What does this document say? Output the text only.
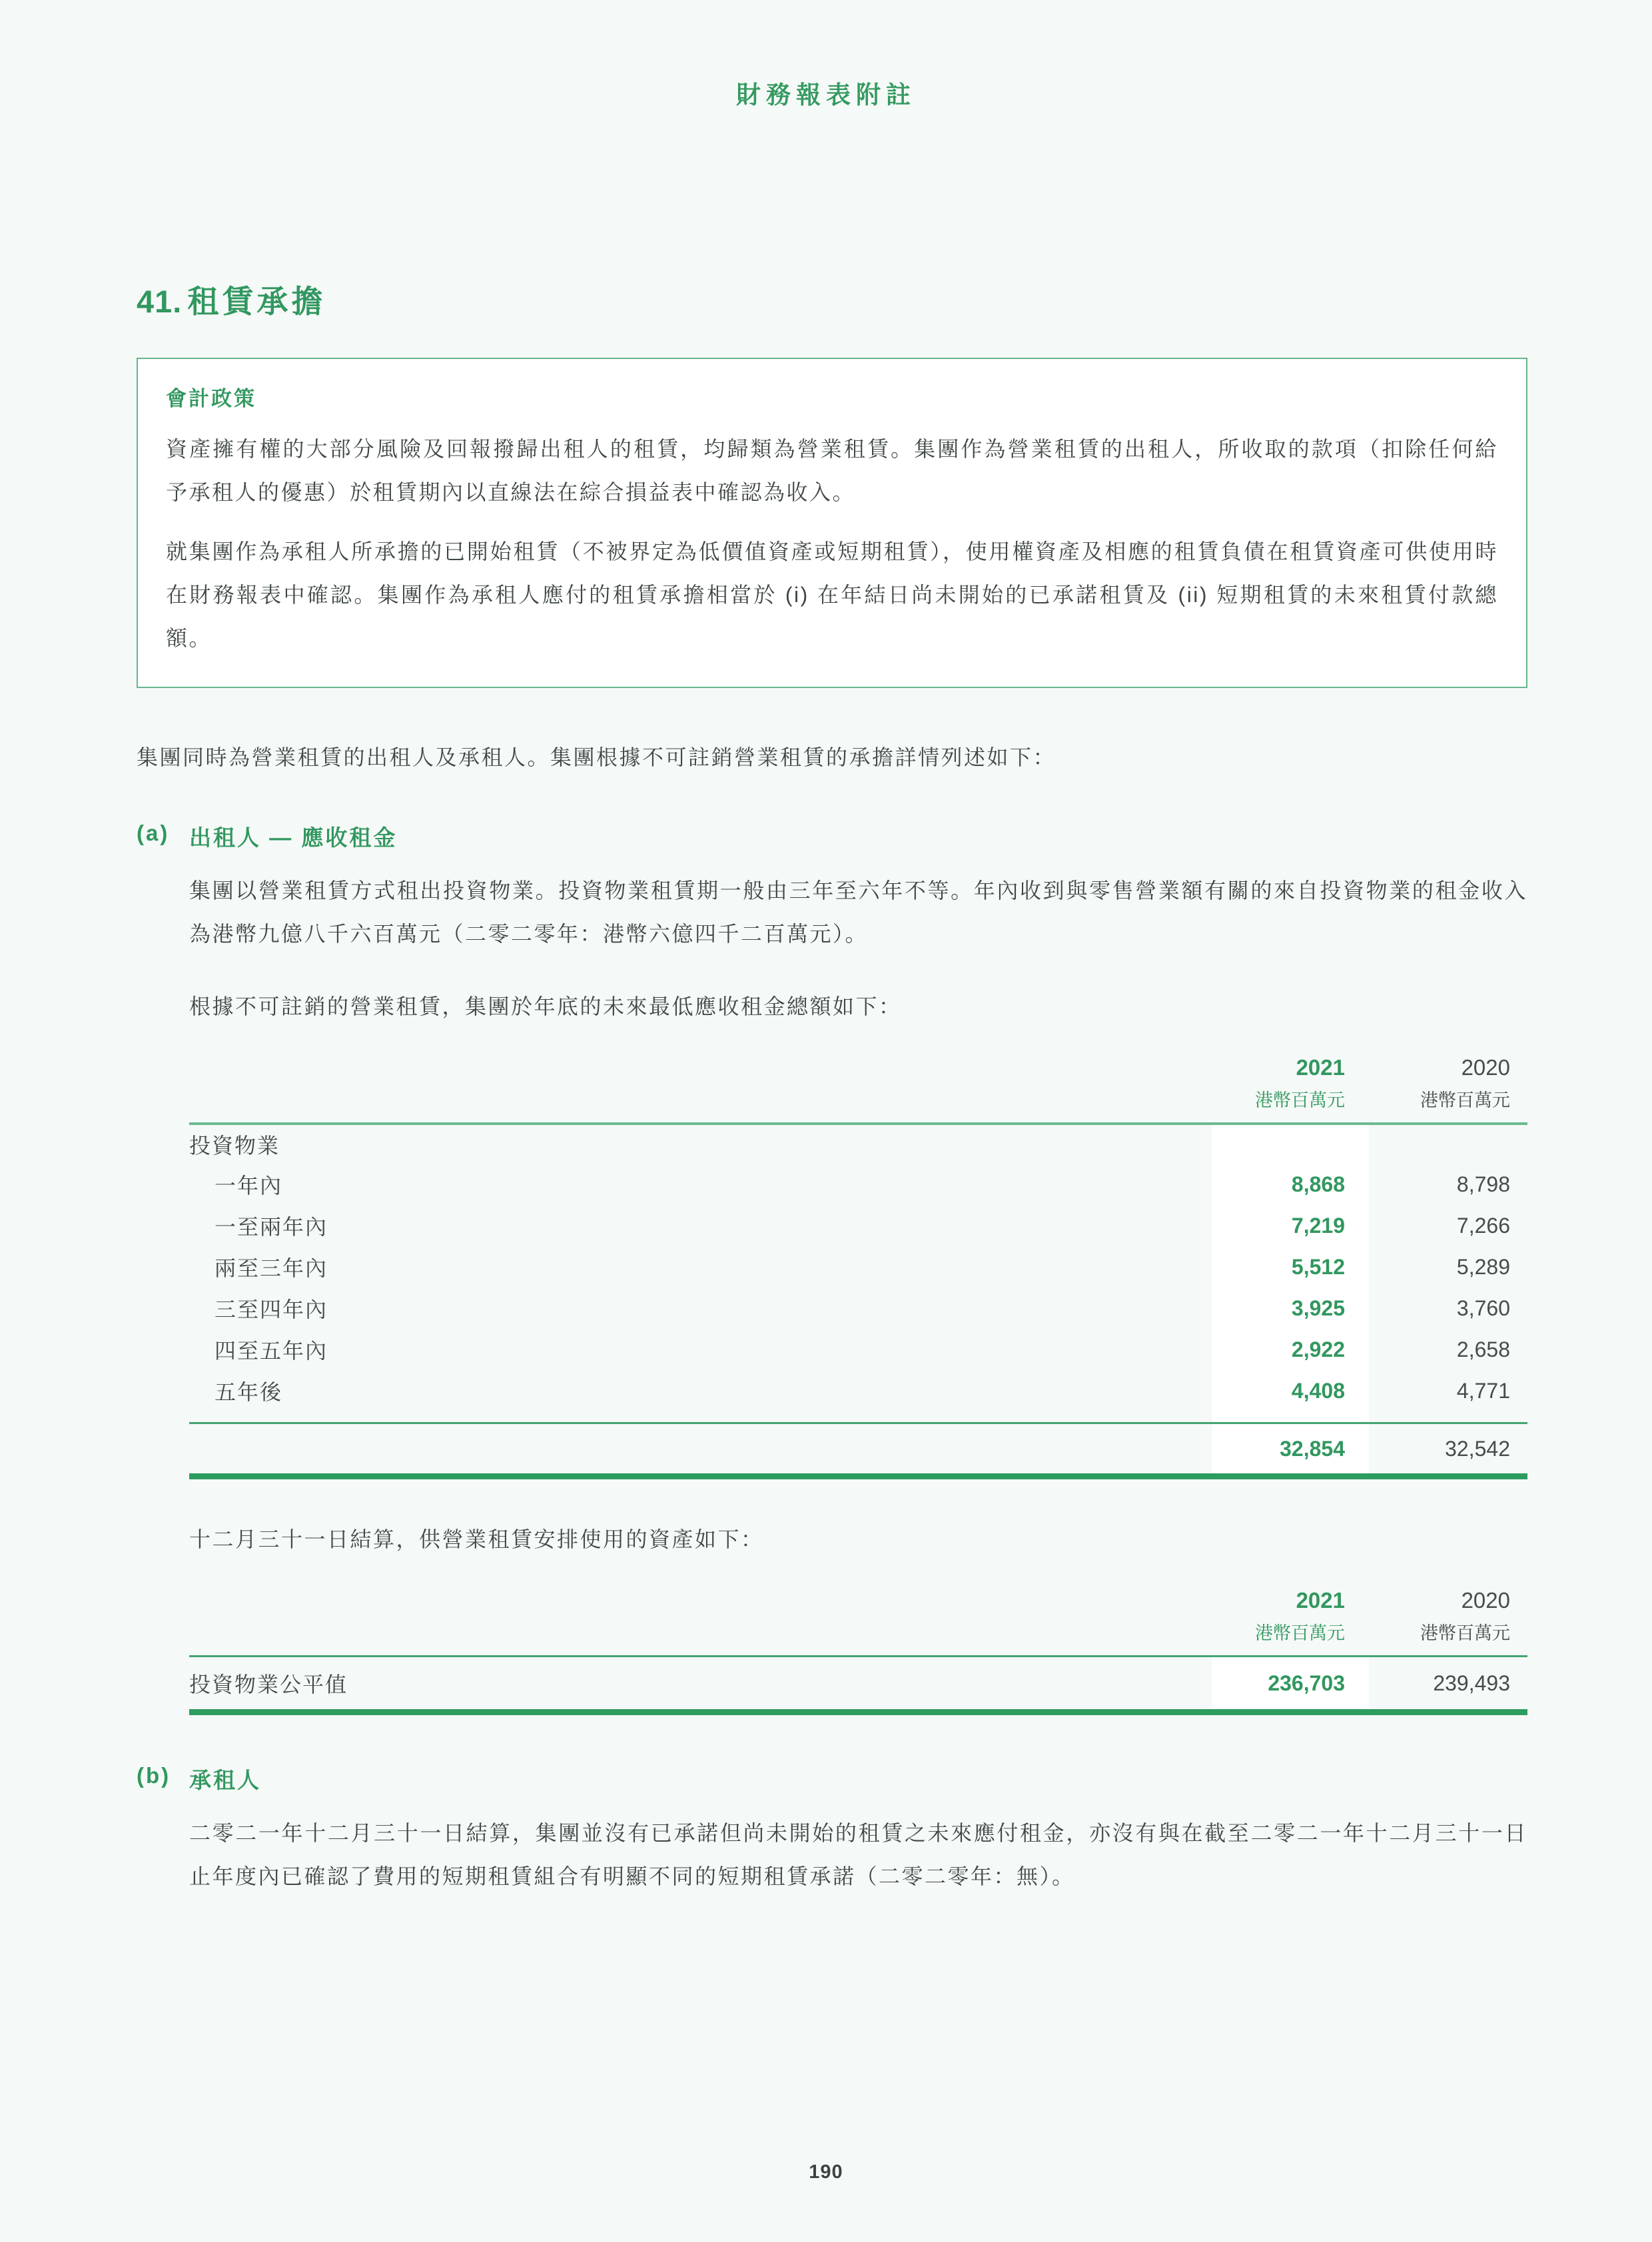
財務報表附註
41. 租賃承擔
會計政策

資產擁有權的大部分風險及回報撥歸出租人的租賃，均歸類為營業租賃。集團作為營業租賃的出租人，所收取的款項（扣除任何給予承租人的優惠）於租賃期內以直線法在綜合損益表中確認為收入。

就集團作為承租人所承擔的已開始租賃（不被界定為低價值資產或短期租賃），使用權資產及相應的租賃負債在租賃資產可供使用時在財務報表中確認。集團作為承租人應付的租賃承擔相當於 (i) 在年結日尚未開始的已承諾租賃及 (ii) 短期租賃的未來租賃付款總額。

集團同時為營業租賃的出租人及承租人。集團根據不可註銷營業租賃的承擔詳情列述如下：

(a) 出租人 — 應收租金

集團以營業租賃方式租出投資物業。投資物業租賃期一般由三年至六年不等。年內收到與零售營業額有關的來自投資物業的租金收入為港幣九億八千六百萬元（二零二零年：港幣六億四千二百萬元）。

根據不可註銷的營業租賃，集團於年底的未來最低應收租金總額如下：

2021	2020
港幣百萬元	港幣百萬元
投資物業
一年內	8,868	8,798
一至兩年內	7,219	7,266
兩至三年內	5,512	5,289
三至四年內	3,925	3,760
四至五年內	2,922	2,658
五年後	4,408	4,771
32,854	32,542

十二月三十一日結算，供營業租賃安排使用的資產如下：

2021	2020
港幣百萬元	港幣百萬元
投資物業公平值	236,703	239,493
(b) 承租人

二零二一年十二月三十一日結算，集團並沒有已承諾但尚未開始的租賃之未來應付租金，亦沒有與在截至二零二一年十二月三十一日止年度內已確認了費用的短期租賃組合有明顯不同的短期租賃承諾（二零二零年：無）。

190
